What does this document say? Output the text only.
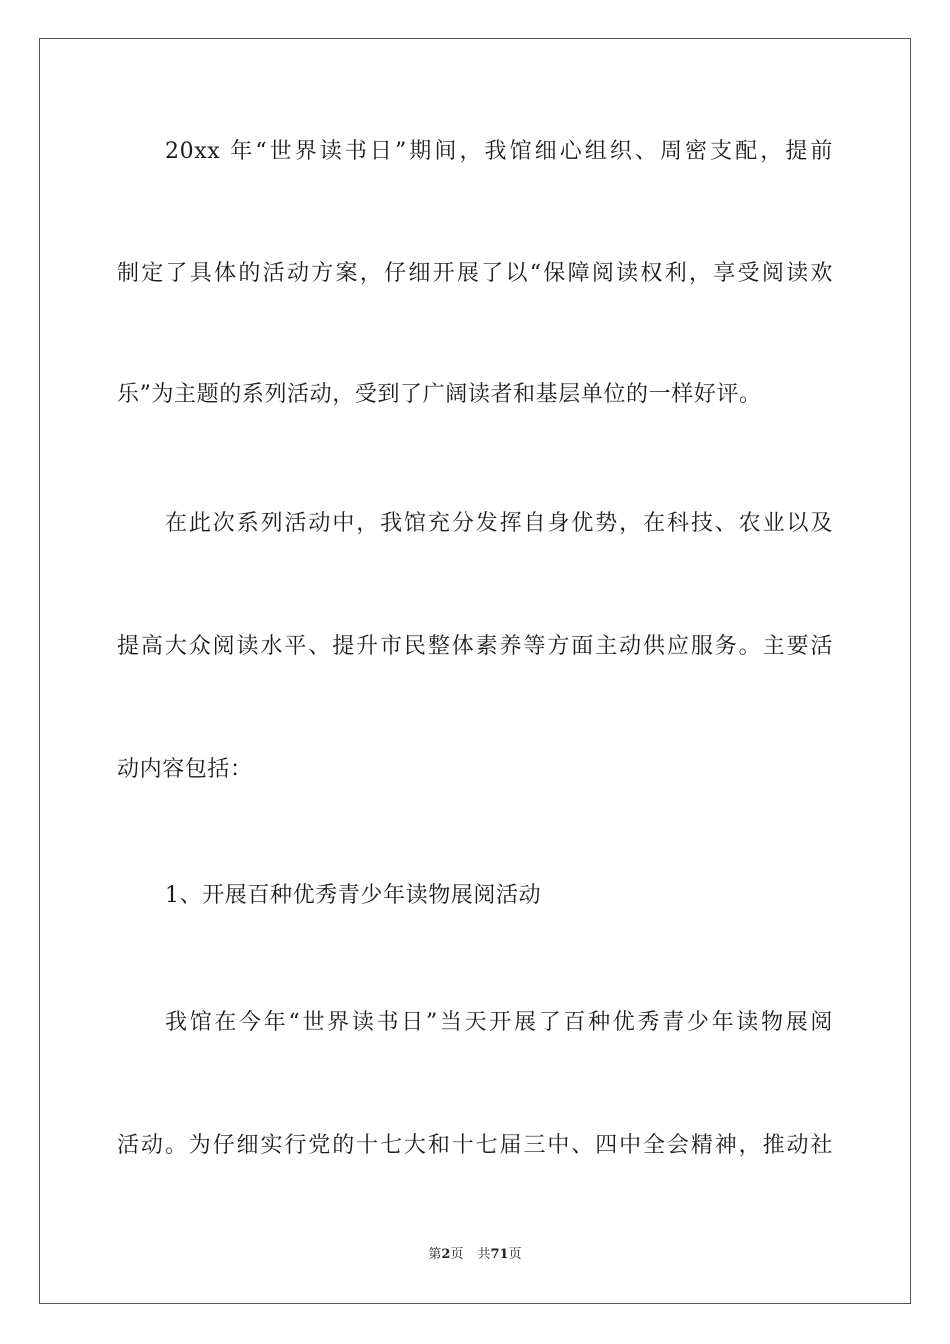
20xx 年“世界读书日”期间，我馆细心组织、周密支配，提前
制定了具体的活动方案，仔细开展了以“保障阅读权利，享受阅读欢
乐”为主题的系列活动，受到了广阔读者和基层单位的一样好评。
在此次系列活动中，我馆充分发挥自身优势，在科技、农业以及
提高大众阅读水平、提升市民整体素养等方面主动供应服务。主要活
动内容包括：
1、开展百种优秀青少年读物展阅活动
我馆在今年“世界读书日”当天开展了百种优秀青少年读物展阅
活动。为仔细实行党的十七大和十七届三中、四中全会精神，推动社
第2页 共71页
